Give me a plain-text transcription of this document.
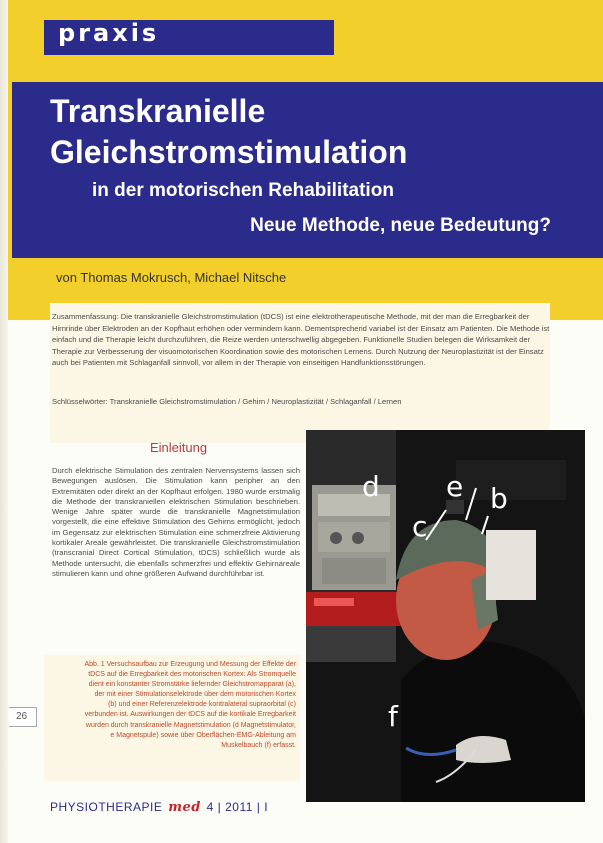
praxis
Transkranielle
Gleichstromstimulation
in der motorischen Rehabilitation
Neue Methode, neue Bedeutung?
von Thomas Mokrusch, Michael Nitsche
Zusammenfassung: Die transkranielle Gleichstromstimulation (tDCS) ist eine elektrotherapeutische Methode, mit der man die Erregbarkeit der Hirnrinde über Elektroden an der Kopfhaut erhöhen oder vermindern kann. Dementsprechend variabel ist der Einsatz am Patienten. Die Methode ist einfach und die Therapie leicht durchzuführen, die Reize werden unterschwellig abgegeben. Funktionelle Studien belegen die Wirksamkeit der Therapie zur Verbesserung der visuomotorischen Koordination sowie des motorischen Lernens. Durch Nutzung der Neuroplastizität ist der Einsatz auch bei Patienten mit Schlaganfall sinnvoll, vor allem in der Therapie von einseitigen Handfunktionsstörungen.
Schlüsselwörter: Transkranielle Gleichstromstimulation / Gehirn / Neuroplastizität / Schlaganfall / Lernen
Einleitung
Durch elektrische Stimulation des zentralen Nervensystems lassen sich Bewegungen auslösen. Die Stimulation kann peripher an den Extremitäten oder direkt an der Kopfhaut erfolgen. 1980 wurde erstmalig die Methode der transkraniellen elektrischen Stimulation beschrieben. Wenige Jahre später wurde die transkranielle Magnetstimulation vorgestellt, die eine effektive Stimulation des Gehirns ermöglicht, jedoch im Gegensatz zur elektrischen Stimulation eine schmerzfreie Aktivierung kortikaler Areale gewährleistet. Die transkranielle Gleichstromstimulation (transcranial Direct Cortical Stimulation, tDCS) schließlich wurde als Methode untersucht, die ebenfalls schmerzfrei und effektiv Gehirnareale stimulieren kann und ohne größeren Aufwand durchführbar ist.
d e b
c
f
Abb. 1 Versuchsaufbau zur Erzeugung und Messung der Effekte der tDCS auf die Erregbarkeit des motorischen Kortex: Als Stromquelle dient ein konstanter Stromstärke liefernder Gleichstromapparat (a), der mit einer Stimulationselektrode über dem motorischen Kortex (b) und einer Referenzelektrode kontralateral supraorbital (c) verbunden ist. Auswirkungen der tDCS auf die kortikale Erregbarkeit wurden durch transkranielle Magnetstimulation (d Magnetstimulator, e Magnetspule) sowie über Oberflächen-EMG-Ableitung am Muskelbauch (f) erfasst.
26
PHYSIOTHERAPIE med 4 | 2011 | I
